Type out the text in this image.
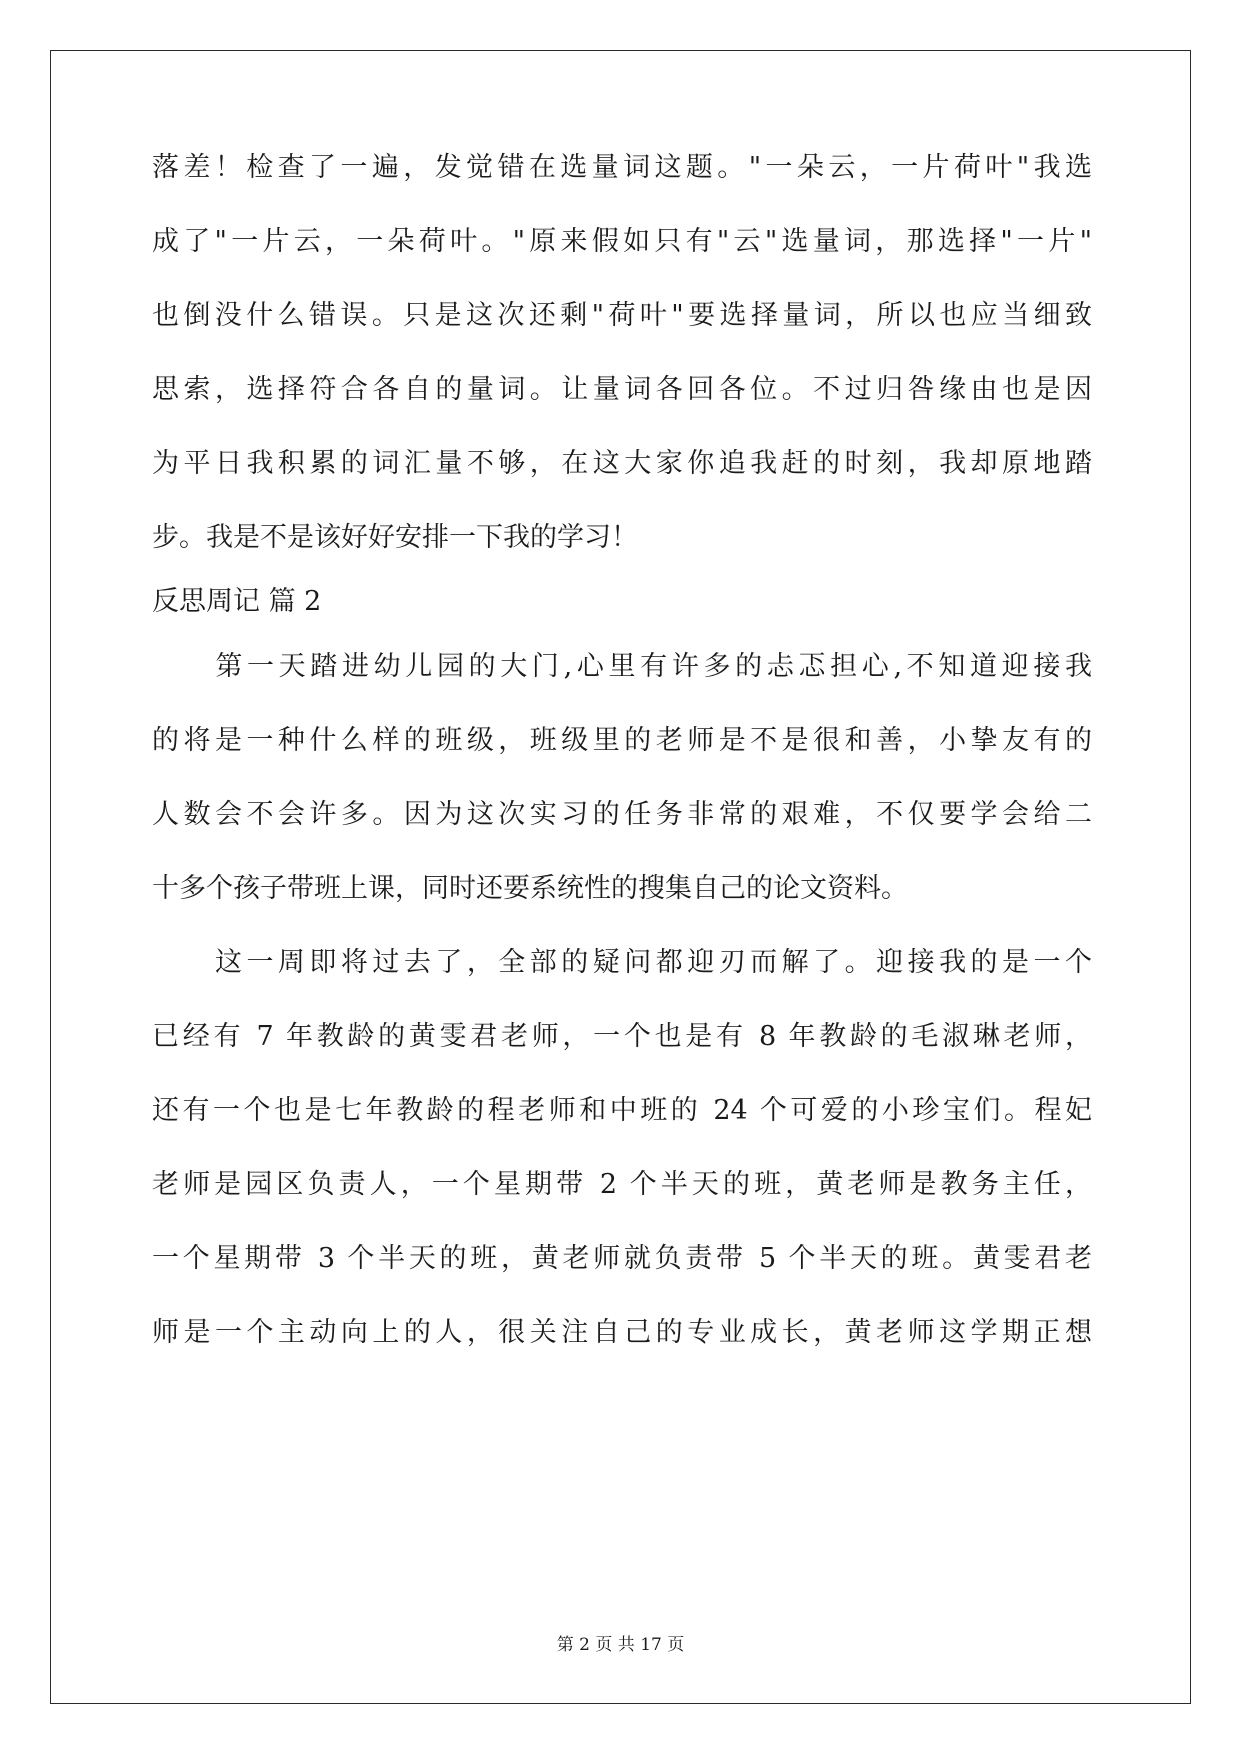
落差！检查了一遍，发觉错在选量词这题。"一朵云，一片荷叶"我选
成了"一片云，一朵荷叶。"原来假如只有"云"选量词，那选择"一片"
也倒没什么错误。只是这次还剩"荷叶"要选择量词，所以也应当细致
思索，选择符合各自的量词。让量词各回各位。不过归咎缘由也是因
为平日我积累的词汇量不够，在这大家你追我赶的时刻，我却原地踏
步。我是不是该好好安排一下我的学习！
反思周记 篇 2
　　第一天踏进幼儿园的大门,心里有许多的忐忑担心,不知道迎接我
的将是一种什么样的班级，班级里的老师是不是很和善，小挚友有的
人数会不会许多。因为这次实习的任务非常的艰难，不仅要学会给二
十多个孩子带班上课，同时还要系统性的搜集自己的论文资料。
　　这一周即将过去了，全部的疑问都迎刃而解了。迎接我的是一个
已经有 7 年教龄的黄雯君老师，一个也是有 8 年教龄的毛淑琳老师，
还有一个也是七年教龄的程老师和中班的 24 个可爱的小珍宝们。程妃
老师是园区负责人，一个星期带 2 个半天的班，黄老师是教务主任，
一个星期带 3 个半天的班，黄老师就负责带 5 个半天的班。黄雯君老
师是一个主动向上的人，很关注自己的专业成长，黄老师这学期正想
第 2 页 共 17 页
